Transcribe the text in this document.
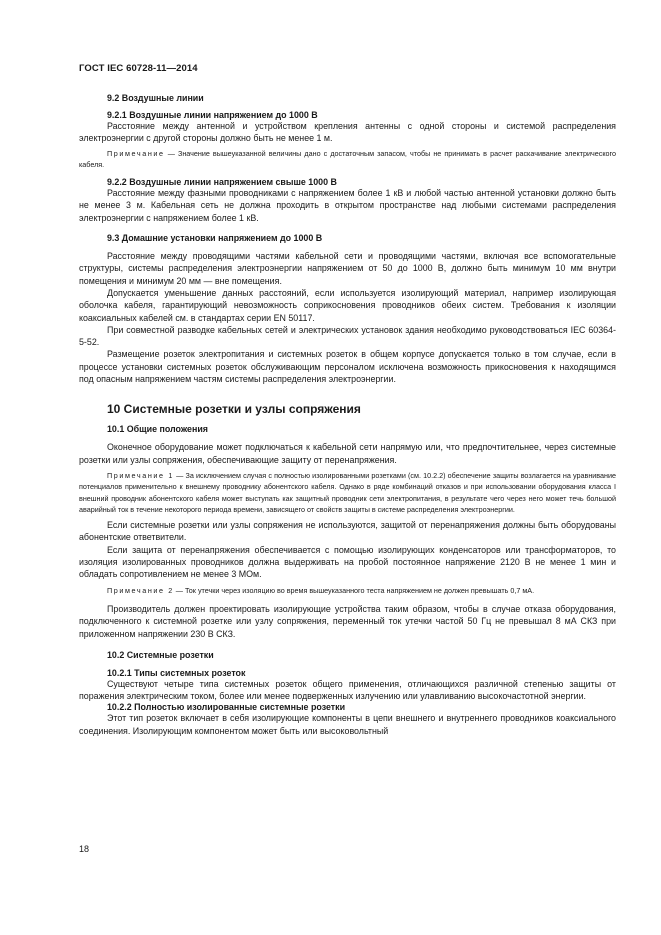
ГОСТ IEC 60728-11—2014

9.2 Воздушные линии

9.2.1 Воздушные линии напряжением до 1000 В

Расстояние между антенной и устройством крепления антенны с одной стороны и системой распределения электроэнергии с другой стороны должно быть не менее 1 м.

Примечание — Значение вышеуказанной величины дано с достаточным запасом, чтобы не принимать в расчет раскачивание электрического кабеля.

9.2.2 Воздушные линии напряжением свыше 1000 В

Расстояние между фазными проводниками с напряжением более 1 кВ и любой частью антенной установки должно быть не менее 3 м. Кабельная сеть не должна проходить в открытом пространстве над любыми системами распределения электроэнергии с напряжением более 1 кВ.

9.3 Домашние установки напряжением до 1000 В

Расстояние между проводящими частями кабельной сети и проводящими частями, включая все вспомогательные структуры, системы распределения электроэнергии напряжением от 50 до 1000 В, должно быть минимум 10 мм внутри помещения и минимум 20 мм — вне помещения.

Допускается уменьшение данных расстояний, если используется изолирующий материал, например изолирующая оболочка кабеля, гарантирующий невозможность соприкосновения проводников обеих систем. Требования к изоляции коаксиальных кабелей см. в стандартах серии EN 50117.

При совместной разводке кабельных сетей и электрических установок здания необходимо руководствоваться IEC 60364-5-52.

Размещение розеток электропитания и системных розеток в общем корпусе допускается только в том случае, если в процессе установки системных розеток обслуживающим персоналом исключена возможность прикосновения к находящимся под опасным напряжением частям системы распределения электроэнергии.

10 Системные розетки и узлы сопряжения

10.1 Общие положения

Оконечное оборудование может подключаться к кабельной сети напрямую или, что предпочтительнее, через системные розетки или узлы сопряжения, обеспечивающие защиту от перенапряжения.

Примечание 1 — За исключением случая с полностью изолированными розетками (см. 10.2.2) обеспечение защиты возлагается на уравнивание потенциалов применительно к внешнему проводнику абонентского кабеля. Однако в ряде комбинаций отказов и при использовании оборудования класса I внешний проводник абонентского кабеля может выступать как защитный проводник сети электропитания, в результате чего через него может течь большой аварийный ток в течение некоторого периода времени, зависящего от свойств защиты в системе распределения электроэнергии.

Если системные розетки или узлы сопряжения не используются, защитой от перенапряжения должны быть оборудованы абонентские ответвители.

Если защита от перенапряжения обеспечивается с помощью изолирующих конденсаторов или трансформаторов, то изоляция изолированных проводников должна выдерживать на пробой постоянное напряжение 2120 В не менее 1 мин и обладать сопротивлением не менее 3 МОм.

Примечание 2 — Ток утечки через изоляцию во время вышеуказанного теста напряжением не должен превышать 0,7 мА.

Производитель должен проектировать изолирующие устройства таким образом, чтобы в случае отказа оборудования, подключенного к системной розетке или узлу сопряжения, переменный ток утечки частой 50 Гц не превышал 8 мА СКЗ при приложенном напряжении 230 В СКЗ.

10.2 Системные розетки

10.2.1 Типы системных розеток

Существуют четыре типа системных розеток общего применения, отличающихся различной степенью защиты от поражения электрическим током, более или менее подверженных излучению или улавливанию высокочастотной энергии.

10.2.2 Полностью изолированные системные розетки

Этот тип розеток включает в себя изолирующие компоненты в цепи внешнего и внутреннего проводников коаксиального соединения. Изолирующим компонентом может быть или высоковольтный

18
